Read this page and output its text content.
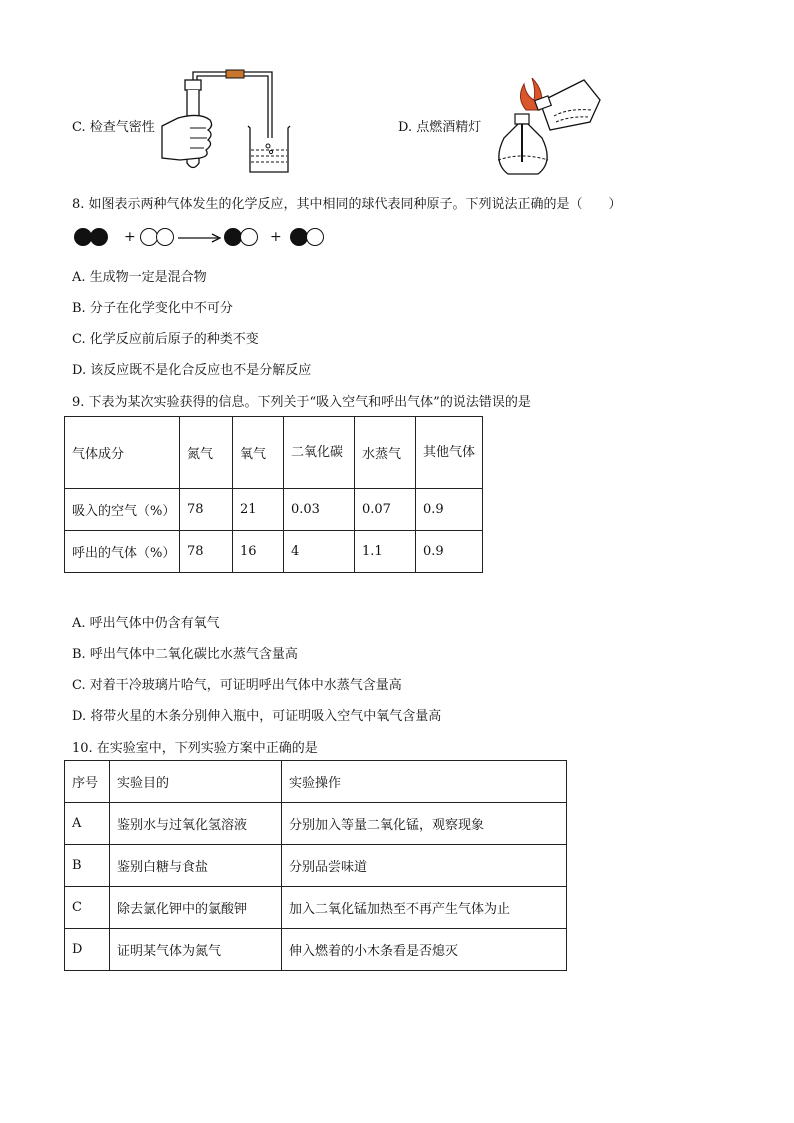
C. 检查气密性	D. 点燃酒精灯
8. 如图表示两种气体发生的化学反应，其中相同的球代表同种原子。下列说法正确的是（　　）
+	+
A. 生成物一定是混合物
B. 分子在化学变化中不可分
C. 化学反应前后原子的种类不变
D. 该反应既不是化合反应也不是分解反应
9. 下表为某次实验获得的信息。下列关于“吸入空气和呼出气体”的说法错误的是
气体成分	氮气	氧气	二氧化碳	水蒸气	其他气体
吸入的空气（%）	78	21	0.03	0.07	0.9
呼出的气体（%）	78	16	4	1.1	0.9
A. 呼出气体中仍含有氧气
B. 呼出气体中二氧化碳比水蒸气含量高
C. 对着干冷玻璃片哈气，可证明呼出气体中水蒸气含量高
D. 将带火星的木条分别伸入瓶中，可证明吸入空气中氧气含量高
10. 在实验室中，下列实验方案中正确的是
序号	实验目的	实验操作
A	鉴别水与过氧化氢溶液	分别加入等量二氧化锰，观察现象
B	鉴别白糖与食盐	分别品尝味道
C	除去氯化钾中的氯酸钾	加入二氧化锰加热至不再产生气体为止
D	证明某气体为氮气	伸入燃着的小木条看是否熄灭
